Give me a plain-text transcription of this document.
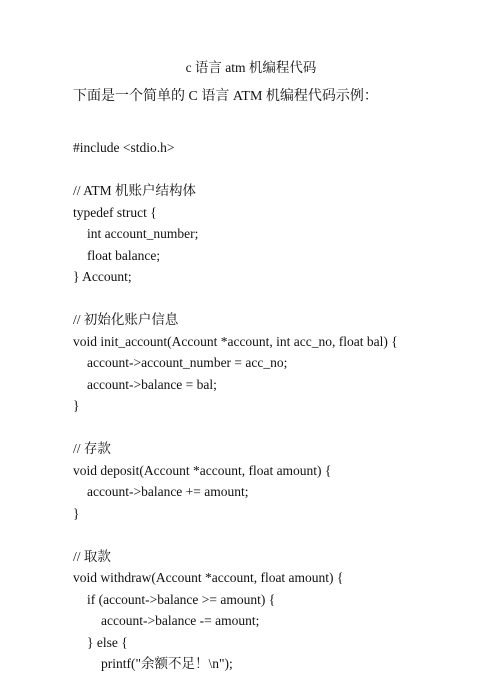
c 语言 atm 机编程代码
下面是一个简单的 C 语言 ATM 机编程代码示例：
#include <stdio.h>
// ATM 机账户结构体
typedef struct {
int account_number;
float balance;
} Account;
// 初始化账户信息
void init_account(Account *account, int acc_no, float bal) {
account->account_number = acc_no;
account->balance = bal;
}
// 存款
void deposit(Account *account, float amount) {
account->balance += amount;
}
// 取款
void withdraw(Account *account, float amount) {
if (account->balance >= amount) {
account->balance -= amount;
} else {
printf("余额不足！\n");
